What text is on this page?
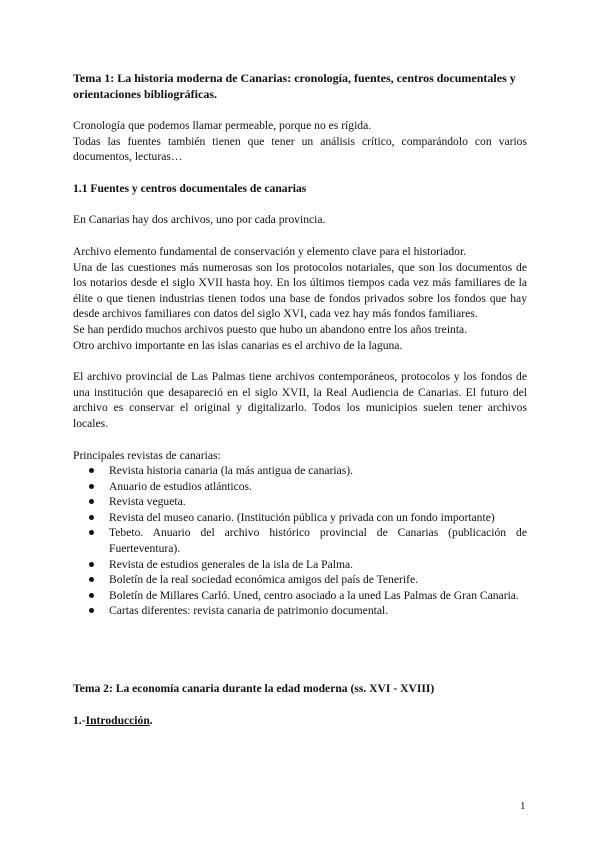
Tema 1: La historia moderna de Canarias: cronología, fuentes, centros documentales y orientaciones bibliográficas.

Cronología que podemos llamar permeable, porque no es rígida.

Todas las fuentes también tienen que tener un análisis crítico, comparándolo con varios documentos, lecturas…

1.1 Fuentes y centros documentales de canarias

En Canarias hay dos archivos, uno por cada provincia.

Archivo elemento fundamental de conservación y elemento clave para el historiador.

Una de las cuestiones más numerosas son los protocolos notariales, que son los documentos de los notarios desde el siglo XVII hasta hoy. En los últimos tiempos cada vez más familiares de la élite o que tienen industrias tienen todos una base de fondos privados sobre los fondos que hay desde archivos familiares con datos del siglo XVI, cada vez hay más fondos familiares.

Se han perdido muchos archivos puesto que hubo un abandono entre los años treinta.

Otro archivo importante en las islas canarias es el archivo de la laguna.

El archivo provincial de Las Palmas tiene archivos contemporáneos, protocolos y los fondos de una institución que desapareció en el siglo XVII, la Real Audiencia de Canarias. El futuro del archivo es conservar el original y digitalizarlo. Todos los municipios suelen tener archivos locales.

Principales revistas de canarias:

Revista historia canaria (la más antigua de canarias).
Anuario de estudios atlánticos.
Revista vegueta.
Revista del museo canario. (Institución pública y privada con un fondo importante)
Tebeto. Anuario del archivo histórico provincial de Canarias (publicación de Fuerteventura).
Revista de estudios generales de la isla de La Palma.
Boletín de la real sociedad económica amigos del país de Tenerife.
Boletín de Millares Carló. Uned, centro asociado a la uned Las Palmas de Gran Canaria.
Cartas diferentes: revista canaria de patrimonio documental.

Tema 2: La economía canaria durante la edad moderna (ss. XVI - XVIII)

1.-Introducción.

1
